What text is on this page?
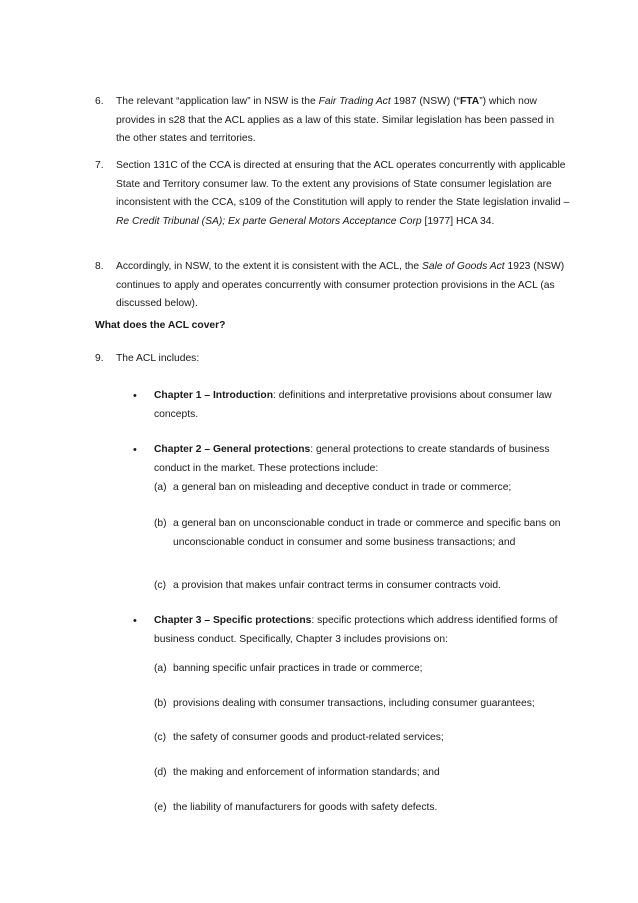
6. The relevant “application law” in NSW is the Fair Trading Act 1987 (NSW) (“FTA”) which now provides in s28 that the ACL applies as a law of this state. Similar legislation has been passed in the other states and territories.
7. Section 131C of the CCA is directed at ensuring that the ACL operates concurrently with applicable State and Territory consumer law. To the extent any provisions of State consumer legislation are inconsistent with the CCA, s109 of the Constitution will apply to render the State legislation invalid – Re Credit Tribunal (SA); Ex parte General Motors Acceptance Corp [1977] HCA 34.
8. Accordingly, in NSW, to the extent it is consistent with the ACL, the Sale of Goods Act 1923 (NSW) continues to apply and operates concurrently with consumer protection provisions in the ACL (as discussed below).
What does the ACL cover?
9. The ACL includes:
• Chapter 1 – Introduction: definitions and interpretative provisions about consumer law concepts.
• Chapter 2 – General protections: general protections to create standards of business conduct in the market. These protections include:
(a) a general ban on misleading and deceptive conduct in trade or commerce;
(b) a general ban on unconscionable conduct in trade or commerce and specific bans on unconscionable conduct in consumer and some business transactions; and
(c) a provision that makes unfair contract terms in consumer contracts void.
• Chapter 3 – Specific protections: specific protections which address identified forms of business conduct. Specifically, Chapter 3 includes provisions on:
(a) banning specific unfair practices in trade or commerce;
(b) provisions dealing with consumer transactions, including consumer guarantees;
(c) the safety of consumer goods and product-related services;
(d) the making and enforcement of information standards; and
(e) the liability of manufacturers for goods with safety defects.
